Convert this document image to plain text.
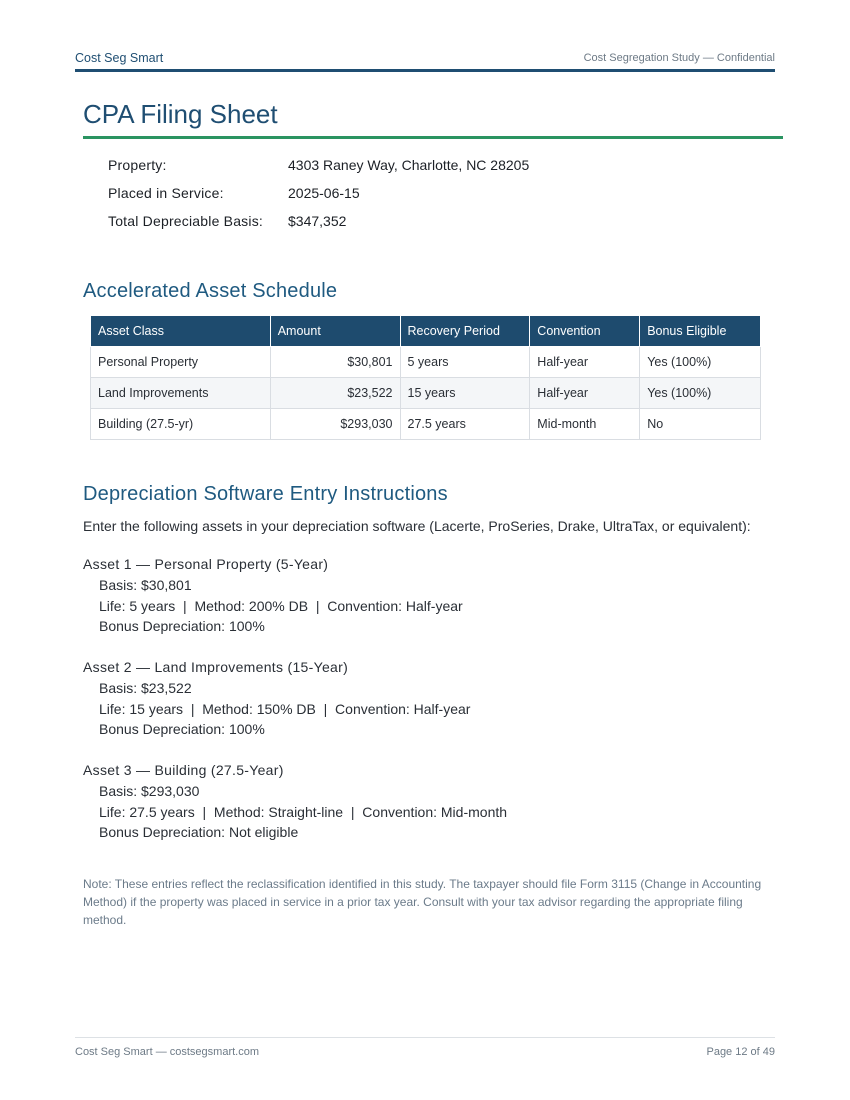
Cost Seg Smart	Cost Segregation Study — Confidential
CPA Filing Sheet
Property:	4303 Raney Way, Charlotte, NC 28205
Placed in Service:	2025-06-15
Total Depreciable Basis: $347,352
Accelerated Asset Schedule
Asset Class	Amount	Recovery Period	Convention	Bonus Eligible
Personal Property	$30,801	5 years	Half-year	Yes (100%)
Land Improvements	$23,522	15 years	Half-year	Yes (100%)
Building (27.5-yr)	$293,030	27.5 years	Mid-month	No
Depreciation Software Entry Instructions
Enter the following assets in your depreciation software (Lacerte, ProSeries, Drake, UltraTax, or equivalent):
Asset 1 — Personal Property (5-Year)
Basis: $30,801
Life: 5 years  |  Method: 200% DB  |  Convention: Half-year
Bonus Depreciation: 100%
Asset 2 — Land Improvements (15-Year)
Basis: $23,522
Life: 15 years  |  Method: 150% DB  |  Convention: Half-year
Bonus Depreciation: 100%
Asset 3 — Building (27.5-Year)
Basis: $293,030
Life: 27.5 years  |  Method: Straight-line  |  Convention: Mid-month
Bonus Depreciation: Not eligible
Note: These entries reflect the reclassification identified in this study. The taxpayer should file Form 3115 (Change in Accounting Method) if the property was placed in service in a prior tax year. Consult with your tax advisor regarding the appropriate filing method.
Cost Seg Smart — costsegsmart.com	Page 12 of 49
